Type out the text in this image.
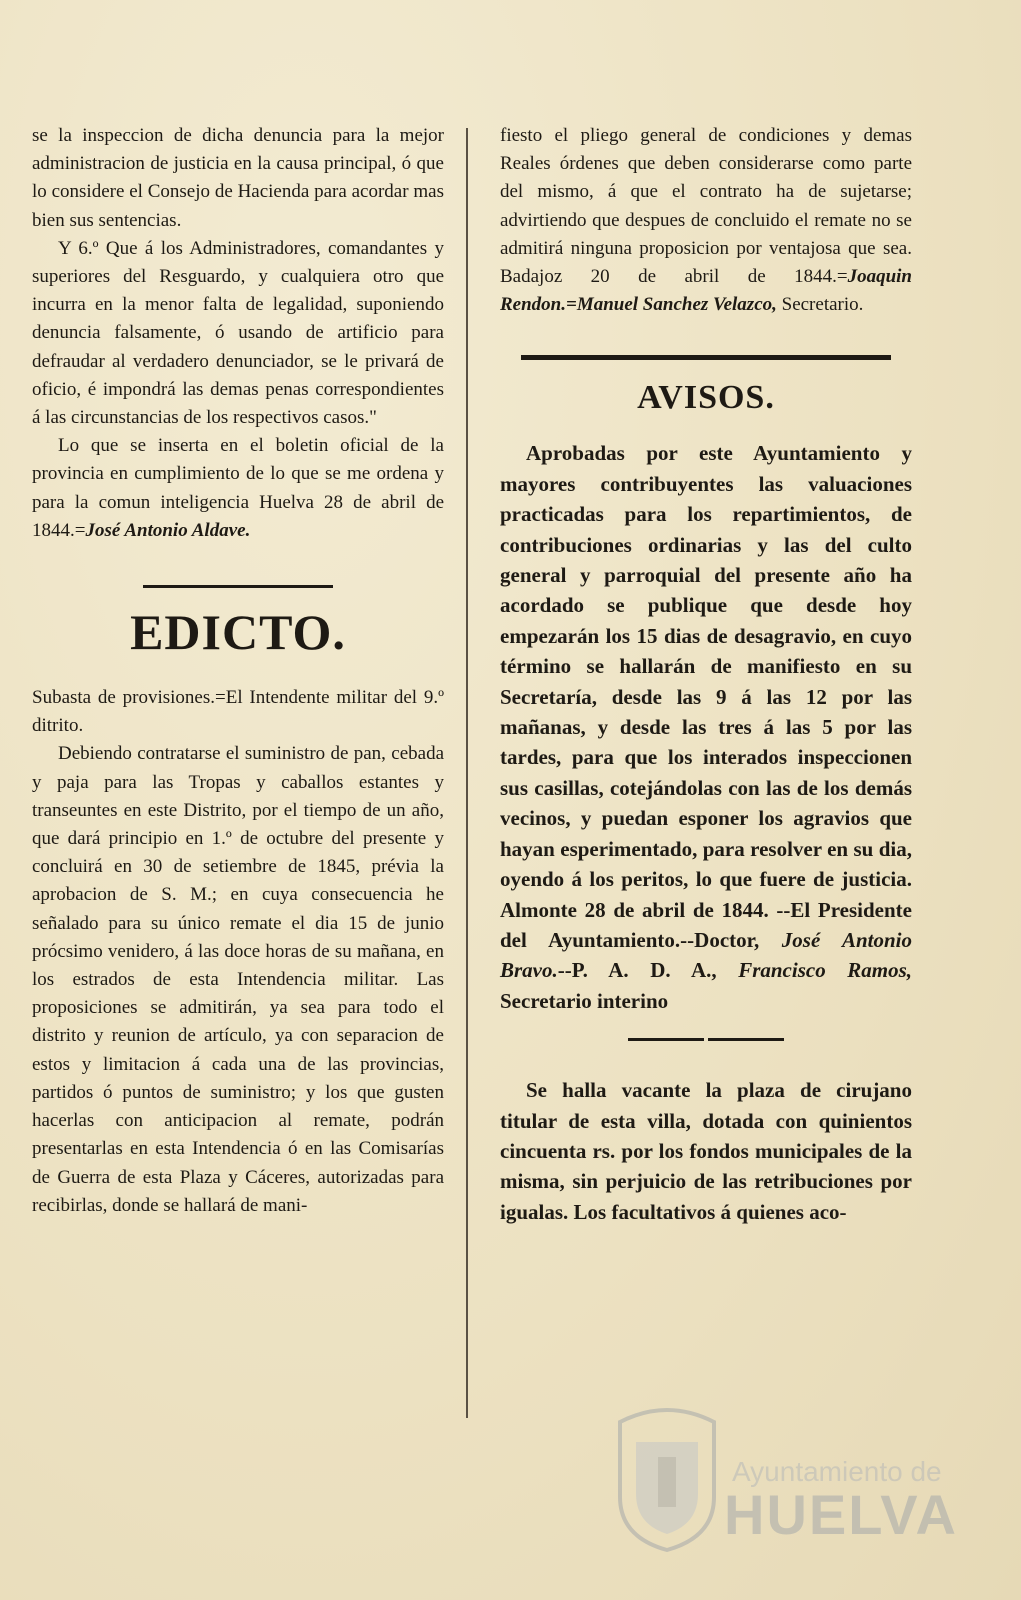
se la inspeccion de dicha denuncia para la mejor administracion de justicia en la causa principal, ó que lo considere el Consejo de Hacienda para acordar mas bien sus sentencias.

Y 6.º Que á los Administradores, comandantes y superiores del Resguardo, y cualquiera otro que incurra en la menor falta de legalidad, suponiendo denuncia falsamente, ó usando de artificio para defraudar al verdadero denunciador, se le privará de oficio, é impondrá las demas penas correspondientes á las circunstancias de los respectivos casos."

Lo que se inserta en el boletin oficial de la provincia en cumplimiento de lo que se me ordena y para la comun inteligencia Huelva 28 de abril de 1844.=José Antonio Aldave.

EDICTO.

Subasta de provisiones.=El Intendente militar del 9.º ditrito.

Debiendo contratarse el suministro de pan, cebada y paja para las Tropas y caballos estantes y transeuntes en este Distrito, por el tiempo de un año, que dará principio en 1.º de octubre del presente y concluirá en 30 de setiembre de 1845, prévia la aprobacion de S. M.; en cuya consecuencia he señalado para su único remate el dia 15 de junio prócsimo venidero, á las doce horas de su mañana, en los estrados de esta Intendencia militar. Las proposiciones se admitirán, ya sea para todo el distrito y reunion de artículo, ya con separacion de estos y limitacion á cada una de las provincias, partidos ó puntos de suministro; y los que gusten hacerlas con anticipacion al remate, podrán presentarlas en esta Intendencia ó en las Comisarías de Guerra de esta Plaza y Cáceres, autorizadas para recibirlas, donde se hallará de mani-

fiesto el pliego general de condiciones y demas Reales órdenes que deben considerarse como parte del mismo, á que el contrato ha de sujetarse; advirtiendo que despues de concluido el remate no se admitirá ninguna proposicion por ventajosa que sea. Badajoz 20 de abril de 1844.=Joaquin Rendon.=Manuel Sanchez Velazco, Secretario.

AVISOS.

Aprobadas por este Ayuntamiento y mayores contribuyentes las valuaciones practicadas para los repartimientos, de contribuciones ordinarias y las del culto general y parroquial del presente año ha acordado se publique que desde hoy empezarán los 15 dias de desagravio, en cuyo término se hallarán de manifiesto en su Secretaría, desde las 9 á las 12 por las mañanas, y desde las tres á las 5 por las tardes, para que los interados inspeccionen sus casillas, cotejándolas con las de los demás vecinos, y puedan esponer los agravios que hayan esperimentado, para resolver en su dia, oyendo á los peritos, lo que fuere de justicia. Almonte 28 de abril de 1844. --El Presidente del Ayuntamiento.--Doctor, José Antonio Bravo.--P. A. D. A., Francisco Ramos, Secretario interino

Se halla vacante la plaza de cirujano titular de esta villa, dotada con quinientos cincuenta rs. por los fondos municipales de la misma, sin perjuicio de las retribuciones por igualas. Los facultativos á quienes aco-

Ayuntamiento de
HUELVA
